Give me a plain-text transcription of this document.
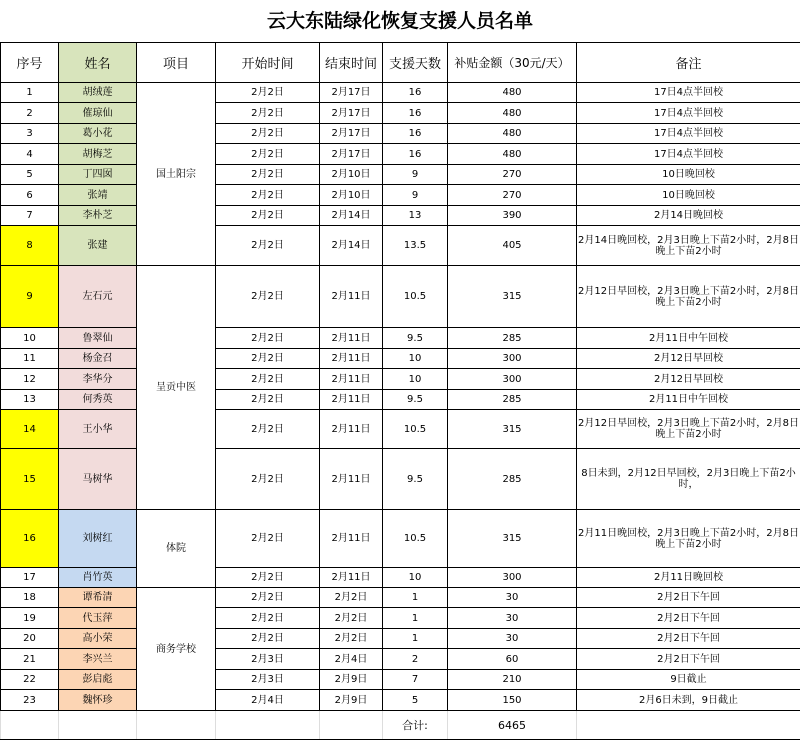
云大东陆绿化恢复支援人员名单
序号	姓名	项目	开始时间	结束时间	支援天数	补贴金额（30元/天）	备注
1	胡绒莲	国土阳宗	2月2日	2月17日	16	480	17日4点半回校
2	傕琼仙		2月2日	2月17日	16	480	17日4点半回校
3	葛小花		2月2日	2月17日	16	480	17日4点半回校
4	胡梅芝		2月2日	2月17日	16	480	17日4点半回校
5	丁四囡		2月2日	2月10日	9	270	10日晚回校
6	张靖		2月2日	2月10日	9	270	10日晚回校
7	李朴芝		2月2日	2月14日	13	390	2月14日晚回校
8	张建		2月2日	2月14日	13.5	405	2月14日晚回校，2月3日晚上下苗2小时，2月8日晚上下苗2小时
9	左石元	呈贡中医	2月2日	2月11日	10.5	315	2月12日早回校，2月3日晚上下苗2小时，2月8日晚上下苗2小时
10	鲁翠仙		2月2日	2月11日	9.5	285	2月11日中午回校
11	杨金召		2月2日	2月11日	10	300	2月12日早回校
12	李华分		2月2日	2月11日	10	300	2月12日早回校
13	何秀英		2月2日	2月11日	9.5	285	2月11日中午回校
14	王小华		2月2日	2月11日	10.5	315	2月12日早回校，2月3日晚上下苗2小时，2月8日晚上下苗2小时
15	马树华		2月2日	2月11日	9.5	285	8日未到，2月12日早回校，2月3日晚上下苗2小时，
16	刘树红	体院	2月2日	2月11日	10.5	315	2月11日晚回校，2月3日晚上下苗2小时，2月8日晚上下苗2小时
17	肖竹英		2月2日	2月11日	10	300	2月11日晚回校
18	谭希清	商务学校	2月2日	2月2日	1	30	2月2日下午回
19	代玉萍		2月2日	2月2日	1	30	2月2日下午回
20	高小荣		2月2日	2月2日	1	30	2月2日下午回
21	李兴兰		2月3日	2月4日	2	60	2月2日下午回
22	彭启彪		2月3日	2月9日	7	210	9日截止
23	魏怀珍		2月4日	2月9日	5	150	2月6日未到，9日截止
					合计:	6465	
